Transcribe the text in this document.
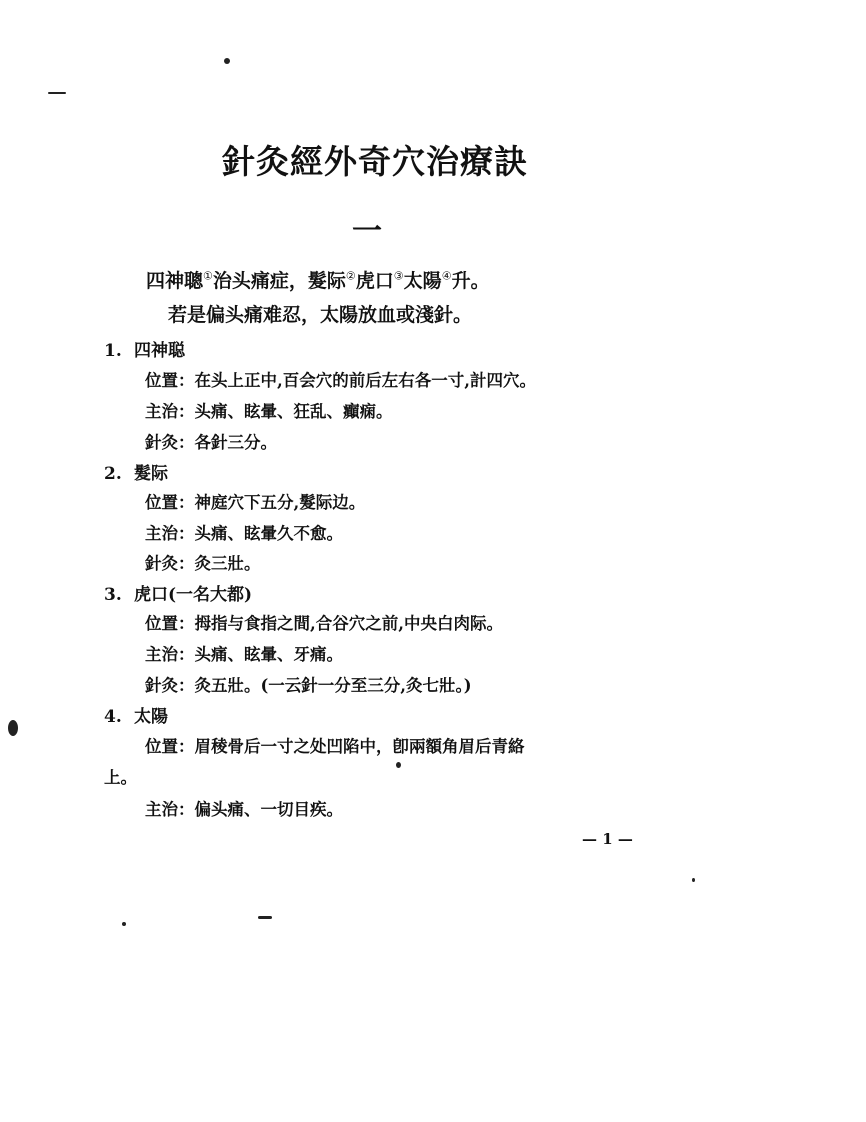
針灸經外奇穴治療訣
一
四神聰①治头痛症，髮际②虎口③太陽④升。
若是偏头痛难忍，太陽放血或淺針。
1. 四神聪
位置：在头上正中,百会穴的前后左右各一寸,計四穴。
主治：头痛、眩暈、狂乱、癲痫。
針灸：各針三分。
2. 髮际
位置：神庭穴下五分,髮际边。
主治：头痛、眩暈久不愈。
針灸：灸三壯。
3. 虎口(一名大都)
位置：拇指与食指之間,合谷穴之前,中央白肉际。
主治：头痛、眩暈、牙痛。
針灸：灸五壯。(一云針一分至三分,灸七壯。)
4. 太陽
位置：眉稜骨后一寸之处凹陷中，卽兩額角眉后青絡
上。
主治：偏头痛、一切目疾。
— 1 —
